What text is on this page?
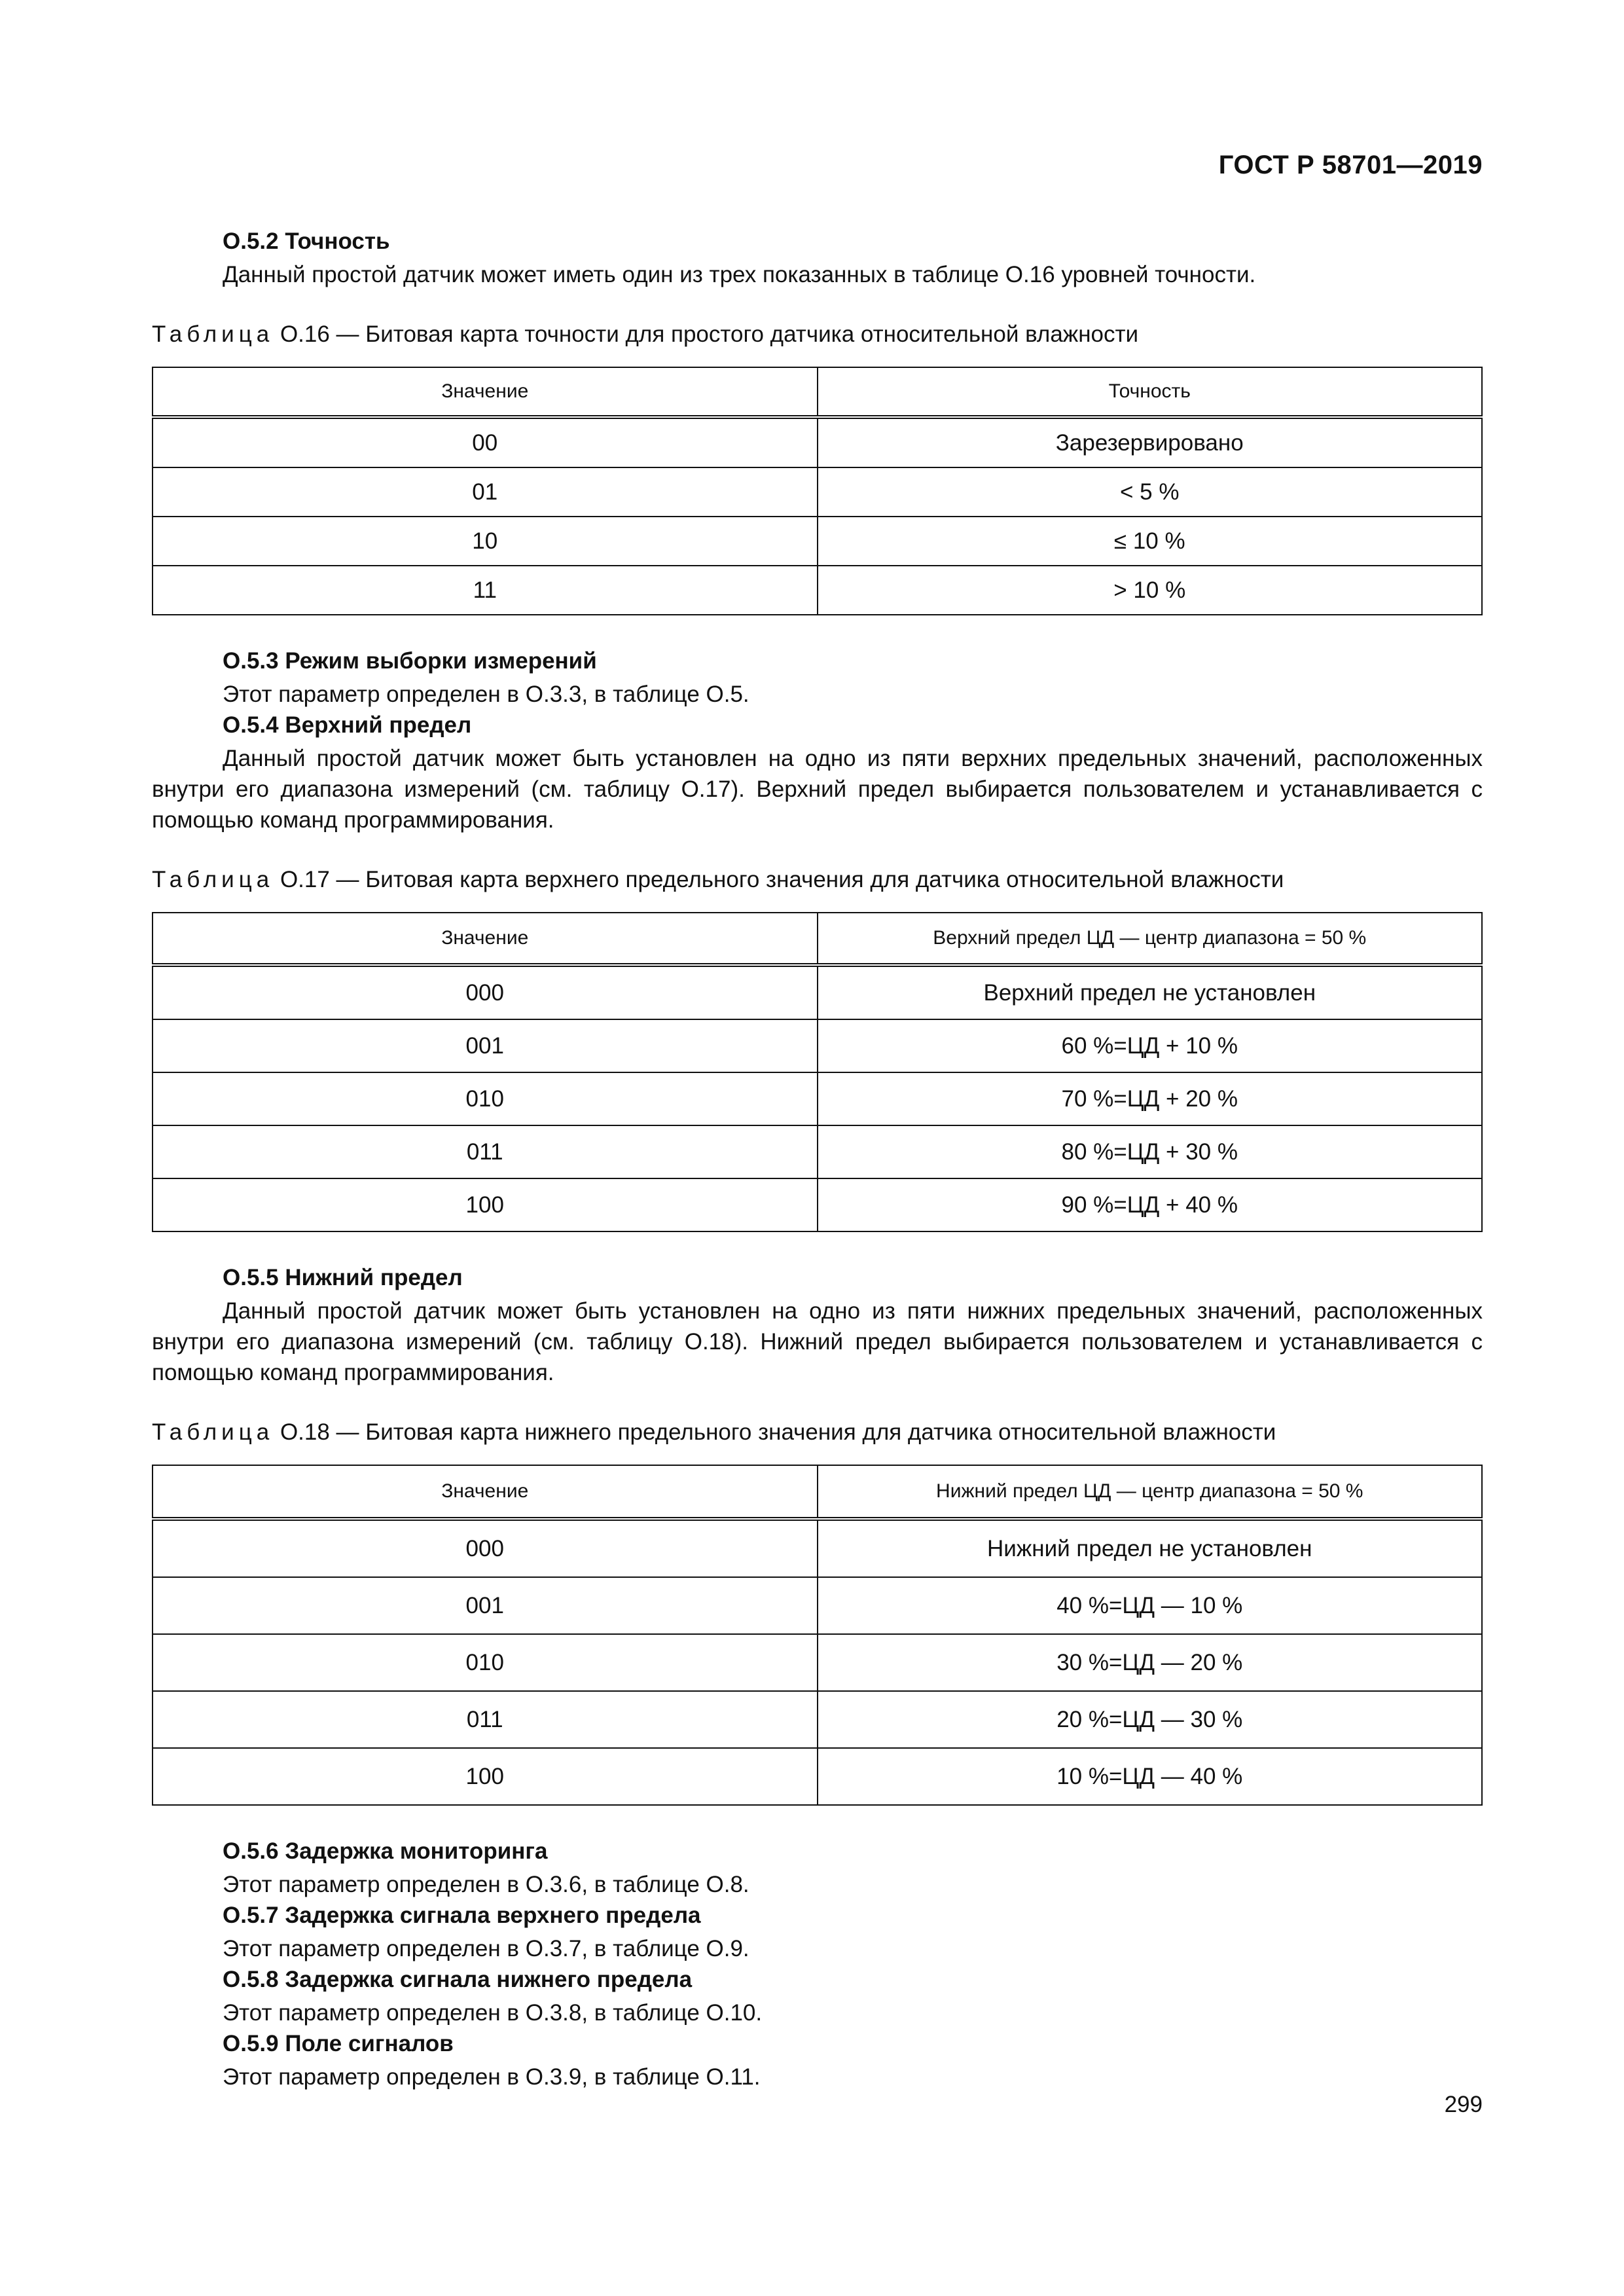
ГОСТ Р 58701—2019
О.5.2 Точность

Данный простой датчик может иметь один из трех показанных в таблице О.16 уровней точности.

Таблица О.16 — Битовая карта точности для простого датчика относительной влажности
Значение	Точность
00	Зарезервировано
01	< 5 %
10	≤ 10 %
11	> 10 %
О.5.3 Режим выборки измерений

Этот параметр определен в О.3.3, в таблице О.5.

О.5.4 Верхний предел

Данный простой датчик может быть установлен на одно из пяти верхних предельных значений, расположенных внутри его диапазона измерений (см. таблицу О.17). Верхний предел выбирается пользователем и устанавливается с помощью команд программирования.

Таблица О.17 — Битовая карта верхнего предельного значения для датчика относительной влажности
Значение	Верхний предел ЦД — центр диапазона = 50 %
000	Верхний предел не установлен
001	60 %=ЦД + 10 %
010	70 %=ЦД + 20 %
011	80 %=ЦД + 30 %
100	90 %=ЦД + 40 %
О.5.5 Нижний предел

Данный простой датчик может быть установлен на одно из пяти нижних предельных значений, расположенных внутри его диапазона измерений (см. таблицу О.18). Нижний предел выбирается пользователем и устанавливается с помощью команд программирования.

Таблица О.18 — Битовая карта нижнего предельного значения для датчика относительной влажности
Значение	Нижний предел ЦД — центр диапазона = 50 %
000	Нижний предел не установлен
001	40 %=ЦД — 10 %
010	30 %=ЦД — 20 %
011	20 %=ЦД — 30 %
100	10 %=ЦД — 40 %
О.5.6 Задержка мониторинга

Этот параметр определен в О.3.6, в таблице О.8.

О.5.7 Задержка сигнала верхнего предела

Этот параметр определен в О.3.7, в таблице О.9.

О.5.8 Задержка сигнала нижнего предела

Этот параметр определен в О.3.8, в таблице О.10.

О.5.9 Поле сигналов

Этот параметр определен в О.3.9, в таблице О.11.

299
